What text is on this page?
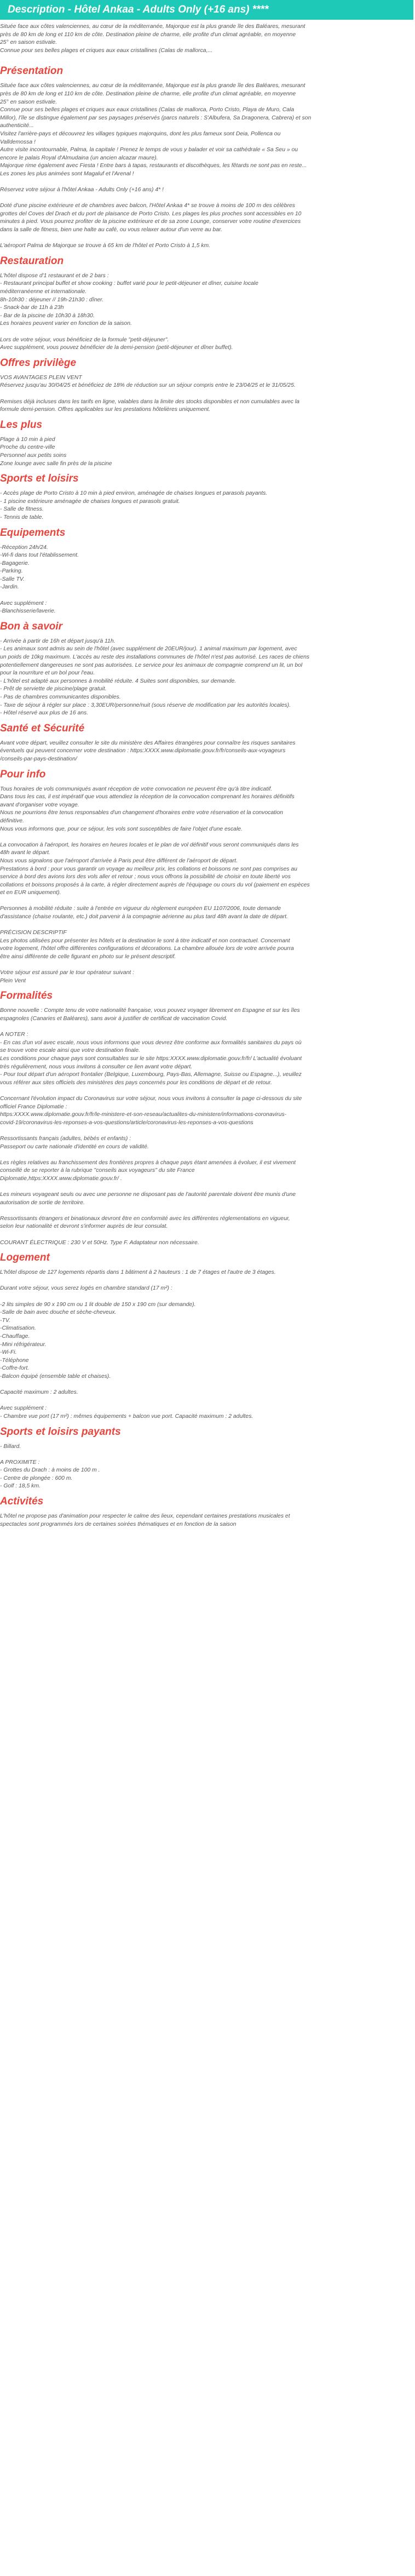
Description - Hôtel Ankaa - Adults Only (+16 ans) ****
Située face aux côtes valenciennes, au cœur de la méditerranée, Majorque est la plus grande île des Baléares, mesurant
près de 80 km de long et 110 km de côte. Destination pleine de charme, elle profite d'un climat agréable, en moyenne
25° en saison estivale.
Connue pour ses belles plages et criques aux eaux cristallines (Calas de mallorca,...
Présentation
Située face aux côtes valenciennes, au cœur de la méditerranée, Majorque est la plus grande île des Baléares, mesurant
près de 80 km de long et 110 km de côte. Destination pleine de charme, elle profite d'un climat agréable, en moyenne
25° en saison estivale.
Connue pour ses belles plages et criques aux eaux cristallines (Calas de mallorca, Porto Cristo, Playa de Muro, Cala
Millor), l'île se distingue également par ses paysages préservés (parcs naturels : S'Albufera, Sa Dragonera, Cabrera) et son
authenticité...
Visitez l'arrière-pays et découvrez les villages typiques majorquins, dont les plus fameux sont Deia, Pollenca ou
Valldemossa !
Autre visite incontournable, Palma, la capitale ! Prenez le temps de vous y balader et voir sa cathédrale « Sa Seu » ou
encore le palais Royal d'Almudaina (un ancien alcazar maure).
Majorque rime également avec Fiesta ! Entre bars à tapas, restaurants et discothèques, les fêtards ne sont pas en reste...
Les zones les plus animées sont Magaluf et l'Arenal !
Réservez votre séjour à l'hôtel Ankaa - Adults Only (+16 ans) 4* !
Doté d'une piscine extérieure et de chambres avec balcon, l'Hôtel Ankaa 4* se trouve à moins de 100 m des célèbres
grottes del Coves del Drach et du port de plaisance de Porto Cristo. Les plages les plus proches sont accessibles en 10
minutes à pied. Vous pourrez profiter de la piscine extérieure et de sa zone Lounge, conserver votre routine d'exercices
dans la salle de fitness, bien une halte au café, ou vous relaxer autour d'un verre au bar.
L'aéroport Palma de Majorque se trouve à 65 km de l'hôtel et Porto Cristo à 1,5 km.
Restauration
L'hôtel dispose d'1 restaurant et de 2 bars :
- Restaurant principal buffet et show cooking : buffet varié pour le petit-déjeuner et dîner, cuisine locale
méditerranéenne et internationale.
8h-10h30 : déjeuner // 19h-21h30 : dîner.
- Snack-bar de 11h à 23h
- Bar de la piscine de 10h30 à 18h30.
Les horaires peuvent varier en fonction de la saison.
Lors de votre séjour, vous bénéficiez de la formule "petit-déjeuner".
Avec supplément, vous pouvez bénéficier de la demi-pension (petit-déjeuner et dîner buffet).
Offres privilège
VOS AVANTAGES PLEIN VENT
Réservez jusqu'au 30/04/25 et bénéficiez de 18% de réduction sur un séjour compris entre le 23/04/25 et le 31/05/25.
Remises déjà incluses dans les tarifs en ligne, valables dans la limite des stocks disponibles et non cumulables avec la
formule demi-pension. Offres applicables sur les prestations hôtelières uniquement.
Les plus
Plage à 10 min à pied
Proche du centre-ville
Personnel aux petits soins
Zone lounge avec salle fin près de la piscine
Sports et loisirs
- Accès plage de Porto Cristo à 10 min à pied environ, aménagée de chaises longues et parasols payants.
- 1 piscine extérieure aménagée de chaises longues et parasols gratuit.
- Salle de fitness.
- Tennis de table.
Equipements
-Réception 24h/24.
-Wi-fi dans tout l'établissement.
-Bagagerie.
-Parking.
-Salle TV.
-Jardin.
Avec supplément :
-Blanchisserie/laverie.
Bon à savoir
- Arrivée à partir de 16h et départ jusqu'à 11h.
- Les animaux sont admis au sein de l'hôtel (avec supplément de 20EUR/jour). 1 animal maximum par logement, avec
un poids de 10kg maximum. L'accès au reste des installations communes de l'hôtel n'est pas autorisé. Les races de chiens
potentiellement dangereuses ne sont pas autorisées. Le service pour les animaux de compagnie comprend un lit, un bol
pour la nourriture et un bol pour l'eau.
- L'hôtel est adapté aux personnes à mobilité réduite. 4 Suites sont disponibles, sur demande.
- Prêt de serviette de piscine/plage gratuit.
- Pas de chambres communicantes disponibles.
- Taxe de séjour à régler sur place : 3,30EUR/personne/nuit (sous réserve de modification par les autorités locales).
- Hôtel réservé aux plus de 16 ans.
Santé et Sécurité
Avant votre départ, veuillez consulter le site du ministère des Affaires étrangères pour connaître les risques sanitaires
éventuels qui peuvent concerner votre destination : https:XXXX.www.diplomatie.gouv.fr/fr/conseils-aux-voyageurs
/conseils-par-pays-destination/
Pour info
Tous horaires de vols communiqués avant réception de votre convocation ne peuvent être qu'à titre indicatif.
Dans tous les cas, il est impératif que vous attendiez la réception de la convocation comprenant les horaires définitifs
avant d'organiser votre voyage.
Nous ne pourrions être tenus responsables d'un changement d'horaires entre votre réservation et la convocation
définitive.
Nous vous informons que, pour ce séjour, les vols sont susceptibles de faire l'objet d'une escale.
La convocation à l'aéroport, les horaires en heures locales et le plan de vol définitif vous seront communiqués dans les
48h avant le départ.
Nous vous signalons que l'aéroport d'arrivée à Paris peut être différent de l'aéroport de départ.
Prestations à bord : pour vous garantir un voyage au meilleur prix, les collations et boissons ne sont pas comprises au
service à bord des avions lors des vols aller et retour ; nous vous offrons la possibilité de choisir en toute liberté vos
collations et boissons proposés à la carte, à régler directement auprès de l'équipage ou cours du vol (paiement en espèces
et en EUR uniquement).
Personnes à mobilité réduite : suite à l'entrée en vigueur du règlement européen EU 1107/2006, toute demande
d'assistance (chaise roulante, etc.) doit parvenir à la compagnie aérienne au plus tard 48h avant la date de départ.
PRÉCISION DESCRIPTIF
Les photos utilisées pour présenter les hôtels et la destination le sont à titre indicatif et non contractuel. Concernant
votre logement, l'hôtel offre différentes configurations et décorations. La chambre allouée lors de votre arrivée pourra
être ainsi différente de celle figurant en photo sur le présent descriptif.
Votre séjour est assuré par le tour opérateur suivant :
Plein Vent
Formalités
Bonne nouvelle : Compte tenu de votre nationalité française, vous pouvez voyager librement en Espagne et sur les îles
espagnoles (Canaries et Baléares), sans avoir à justifier de certificat de vaccination Covid.
A NOTER :
- En cas d'un vol avec escale, nous vous informons que vous devrez être conforme aux formalités sanitaires du pays où
se trouve votre escale ainsi que votre destination finale.
Les conditions pour chaque pays sont consultables sur le site https:XXXX.www.diplomatie.gouv.fr/fr/ L'actualité évoluant
très régulièrement, nous vous invitons à consulter ce lien avant votre départ.
- Pour tout départ d'un aéroport frontalier (Belgique, Luxembourg, Pays-Bas, Allemagne, Suisse ou Espagne...), veuillez
vous référer aux sites officiels des ministères des pays concernés pour les conditions de départ et de retour.
Concernant l'évolution impact du Coronavirus sur votre séjour, nous vous invitons à consulter la page ci-dessous du site
officiel France Diplomatie :
https:XXXX.www.diplomatie.gouv.fr/fr/le-ministere-et-son-reseau/actualites-du-ministere/informations-coronavirus-
covid-19/coronavirus-les-reponses-a-vos-questions/article/coronavirus-les-reponses-a-vos-questions
Ressortissants français (adultes, bébés et enfants) :
Passeport ou carte nationale d'identité en cours de validité.
Les règles relatives au franchissement des frontières propres à chaque pays étant amenées à évoluer, il est vivement
conseillé de se reporter à la rubrique "conseils aux voyageurs" du site France
Diplomatie,https:XXXX.www.diplomatie.gouv.fr/ .
Les mineurs voyageant seuls ou avec une personne ne disposant pas de l'autorité parentale doivent être munis d'une
autorisation de sortie de territoire.
Ressortissants étrangers et binationaux devront être en conformité avec les différentes réglementations en vigueur,
selon leur nationalité et devront s'informer auprès de leur consulat.
COURANT ÉLECTRIQUE : 230 V et 50Hz. Type F. Adaptateur non nécessaire.
Logement
L'hôtel dispose de 127 logements répartis dans 1 bâtiment à 2 hauteurs : 1 de 7 étages et l'autre de 3 étages.
Durant votre séjour, vous serez logés en chambre standard (17 m²) :
-2 lits simples de 90 x 190 cm ou 1 lit double de 150 x 190 cm (sur demande).
-Salle de bain avec douche et sèche-cheveux.
-TV.
-Climatisation.
-Chauffage.
-Mini réfrigérateur.
-Wi-Fi.
-Téléphone
-Coffre-fort.
-Balcon équipé (ensemble table et chaises).
Capacité maximum : 2 adultes.
Avec supplément :
- Chambre vue port (17 m²) : mêmes équipements + balcon vue port. Capacité maximum : 2 adultes.
Sports et loisirs payants
- Billard.
A PROXIMITE :
- Grottes du Drach : à moins de 100 m .
- Centre de plongée : 600 m.
- Golf : 18,5 km.
Activités
L'hôtel ne propose pas d'animation pour respecter le calme des lieux, cependant certaines prestations musicales et
spectacles sont programmés lors de certaines soirées thématiques et en fonction de la saison
